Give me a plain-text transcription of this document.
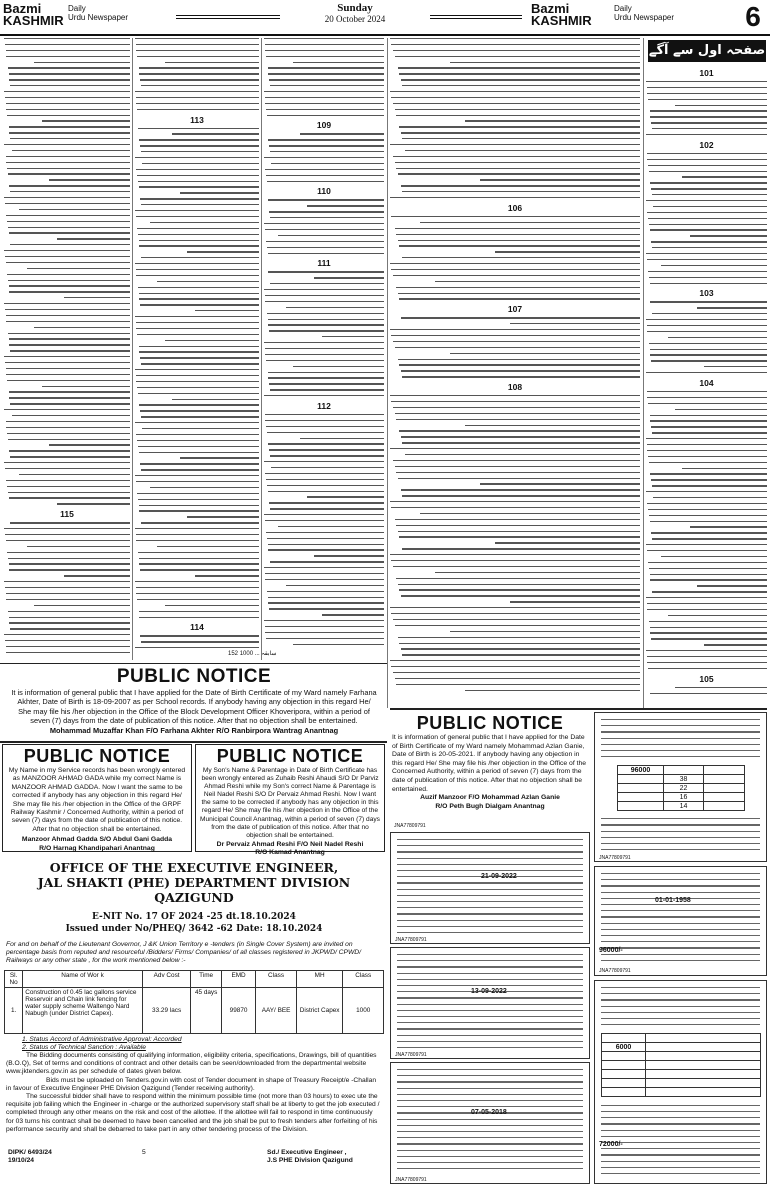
Bazmi
KASHMIR
Daily
Urdu Newspaper
Sunday
20 October 2024
Bazmi
KASHMIR
Daily
Urdu Newspaper	6
115
113
114
109
110
111
112
106
107
108
صفحہ اول سے آگے
101
102
103
104
105
152 سابقہ ... 1000
PUBLIC NOTICE
It is information of general public that I have applied for the Date of Birth Certificate of my Ward namely Farhana Akhter, Date of Birth is 18-09-2007 as per School records. If anybody having any objection in this regard He/ She may file his /her objection in the Office of the Block Development Officer Khoveripora, within a period of seven (7) days from the date of publication of this notice. After that no objection shall be entertained.
Mohammad Muzaffar Khan F/O Farhana Akhter R/O Ranbirpora Wantrag Anantnag
PUBLIC NOTICE
My Name in my Service records has been wrongly entered as MANZOOR AHMAD GADA while my correct Name is MANZOOR AHMAD GADDA. Now I want the same to be corrected if anybody has any objection in this regard He/ She may file his /her objection in the Office of the GRPF Railway Kashmir / Concerned Authority, within a period of seven (7) days from the date of publication of this notice. After that no objection shall be entertained.
Manzoor Ahmad Gadda S/O Abdul Gani Gadda
R/O Harnag Khandipahari Anantnag
PUBLIC NOTICE
My Son's Name & Parentage in Date of Birth Certificate has been wrongly entered as Zuhaib Reshi Ahaudi S/O Dr Parviz Ahmad Reshi while my Son's correct Name & Parentage is Neil Nadel Reshi S/O Dr Pervaiz Ahmad Reshi. Now I want the same to be corrected if anybody has any objection in this regard He/ She may file his /her objection in the Office of the Municipal Council Anantnag, within a period of seven (7) days from the date of publication of this notice. After that no objection shall be entertained.
Dr Pervaiz Ahmad Reshi F/O Neil Nadel Reshi
R/O Kamad Anantnag
OFFICE OF THE EXECUTIVE ENGINEER,
JAL SHAKTI (PHE) DEPARTMENT DIVISION QAZIGUND
E-NIT No. 17 OF 2024 -25 dt.18.10.2024
Issued under No/PHEQ/ 3642 -62 Date: 18.10.2024
For and on behalf of the Lieutenant Governor, J &K Union Territory e -tenders (in Single Cover System) are invited on percentage basis from reputed and resourceful /Bidders/ Firms/ Companies/ of all classes registered in JKPWD/ CPWD/ Railways or any other state , for the work mentioned below :-
Sl. No	Name of Wor k	Adv Cost	Time	EMD	Class	MH	Class
1.	Construction of 0.45 lac gallons service Reservoir and Chain link fencing for water supply scheme Waltengo Nard Nabugh (under District Capex).	33.29 lacs	45 days	99870	AAY/ BEE	District Capex	1000
1. Status Accord of Administrative Approval: Accorded
2. Status of Technical Sanction : Available
The Bidding documents consisting of qualifying information, eligibility criteria, specifications, Drawings, bill of quantities (B.O.Q), Set of terms and conditions of contract and other details can be seen/downloaded from the departmental website www.jktenders.gov.in as per schedule of dates given below.
Bids must be uploaded on Tenders.gov.in with cost of Tender document in shape of Treasury Receipt/e -Challan in favour of Executive Engineer PHE Division Qazigund (Tender receiving authority).
The successful bidder shall have to respond within the minimum possible time (not more than 03 hours) to exec ute the requisite job failing which the Engineer in -charge or the authorized supervisory staff shall be at liberty to get the job executed / completed through any other means on the risk and cost of the allottee. If the allottee will fail to respond in time continuously for 03 turns his contract shall be deemed to have been cancelled and the job shall be put to fresh tenders after forfeiting of his performance security and shall be debarred to take part in any other tendering process of the Division.
DIPK/ 6493/24
19/10/24
5	Sd./ Executive Engineer ,
J.S PHE Division Qazigund
PUBLIC NOTICE
It is information of general public that I have applied for the Date of Birth Certificate of my Ward namely Mohammad Azlan Ganie, Date of Birth is 20-05-2021. If anybody having any objection in this regard He/ She may file his /her objection in the Office of the Concerned Authority, within a period of seven (7) days from the date of publication of this notice. After that no objection shall be entertained.
Auzif Manzoor F/O Mohammad Azlan Ganie
R/O Peth Bugh Dialgam Anantnag
JNA77809791
96000		
	38	
	22	
	16	
	14	
JNA77809791
21-09-2022
JNA77809791
01-01-1958
96000/-
JNA77809791
13-09-2022
JNA77809791

6000	

72000/-
07-05-2018
JNA77809791
